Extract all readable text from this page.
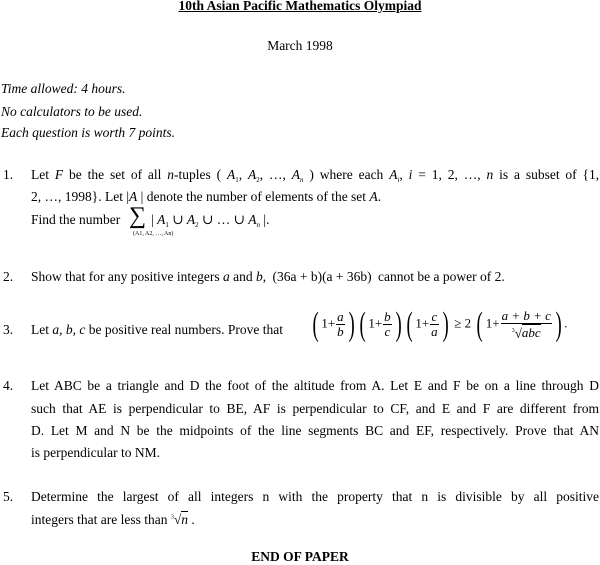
10th Asian Pacific Mathematics Olympiad
March 1998
Time allowed: 4 hours.
No calculators to be used.
Each question is worth 7 points.
1. Let F be the set of all n-tuples ( $A_1$, $A_2$, …, $A_n$ ) where each $A_i$, i = 1, 2, …, n is a subset of {1,
2, …, 1998}. Let |A | denote the number of elements of the set A.
Find the number ∑
(A1, A2, …, An)
| $A_1$ ∪ $A_2$ ∪ … ∪ $A_n$ |.
2. Show that for any positive integers a and b, (36a + b)(a + 36b) cannot be a power of 2.
3. Let a, b, c be positive real numbers. Prove that ( $1+ \frac{a}{b}$ ) ( $1+ \frac{b}{c}$ ) ( $1+ \frac{c}{a}$ ) ≥ 2 ( $1+ \frac{a + b + c}{^3√abc}$ ) .
4. Let ABC be a triangle and D the foot of the altitude from A. Let E and F be on a line through D
such that AE is perpendicular to BE, AF is perpendicular to CF, and E and F are different from
D. Let M and N be the midpoints of the line segments BC and EF, respectively. Prove that AN
is perpendicular to NM.
5. Determine the largest of all integers n with the property that n is divisible by all positive
integers that are less than $^3$√n .
END OF PAPER
